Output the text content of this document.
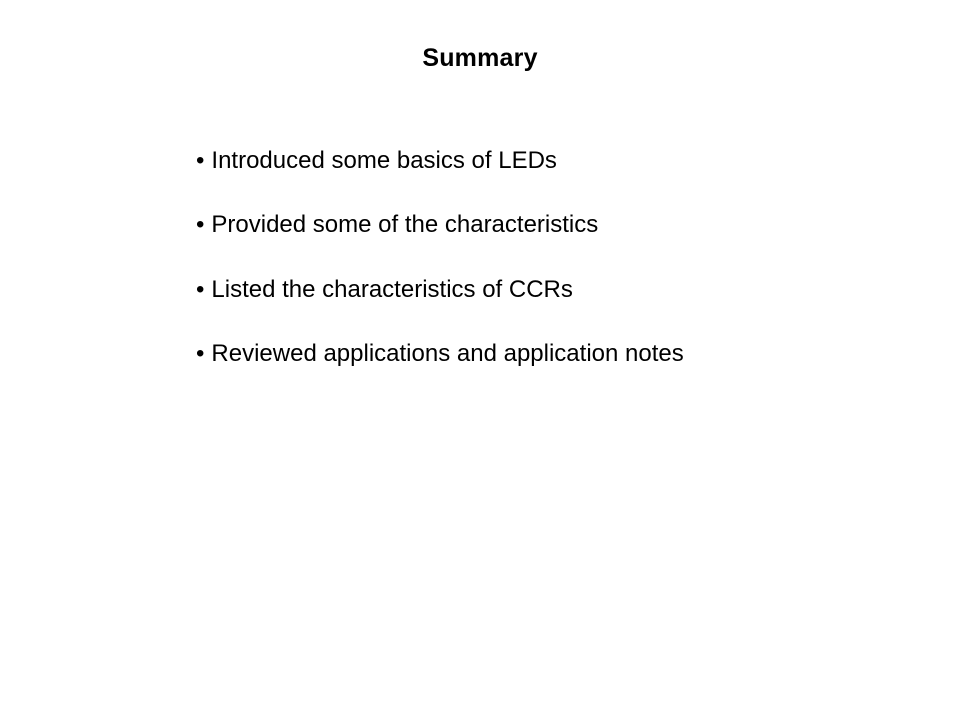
Summary
• Introduced some basics of LEDs
• Provided some of the characteristics
• Listed the characteristics of CCRs
• Reviewed applications and application notes
